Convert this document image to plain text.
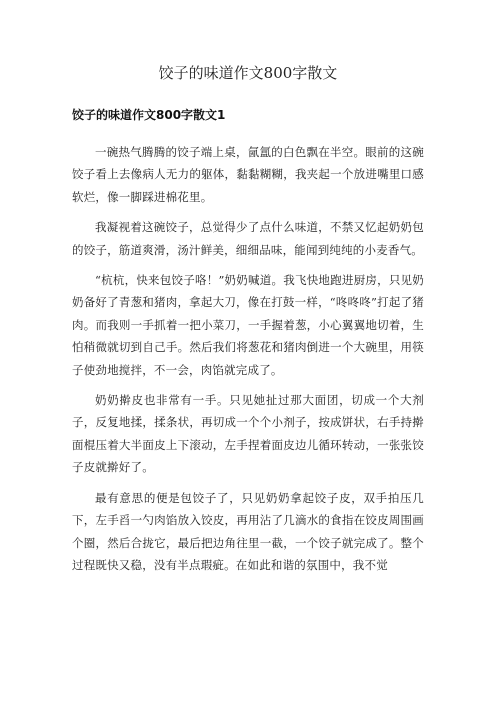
饺子的味道作文800字散文
饺子的味道作文800字散文1

一碗热气腾腾的饺子端上桌，氤氲的白色飘在半空。眼前的这碗饺子看上去像病人无力的躯体，黏黏糊糊，我夹起一个放进嘴里口感软烂，像一脚踩进棉花里。

我凝视着这碗饺子，总觉得少了点什么味道，不禁又忆起奶奶包的饺子，筋道爽滑，汤汁鲜美，细细品味，能闻到纯纯的小麦香气。

“杭杭，快来包饺子咯！”奶奶喊道。我飞快地跑进厨房，只见奶奶备好了青葱和猪肉，拿起大刀，像在打鼓一样，“咚咚咚”打起了猪肉。而我则一手抓着一把小菜刀，一手握着葱，小心翼翼地切着，生怕稍微就切到自己手。然后我们将葱花和猪肉倒进一个大碗里，用筷子使劲地搅拌，不一会，肉馅就完成了。

奶奶擀皮也非常有一手。只见她扯过那大面团，切成一个大剂子，反复地揉，揉条状，再切成一个个小剂子，按成饼状，右手持擀面棍压着大半面皮上下滚动，左手捏着面皮边儿循环转动，一张张饺子皮就擀好了。

最有意思的便是包饺子了，只见奶奶拿起饺子皮，双手拍压几下，左手舀一勺肉馅放入饺皮，再用沾了几滴水的食指在饺皮周围画个圈，然后合拢它，最后把边角往里一截，一个饺子就完成了。整个过程既快又稳，没有半点瑕疵。在如此和谐的氛围中，我不觉
